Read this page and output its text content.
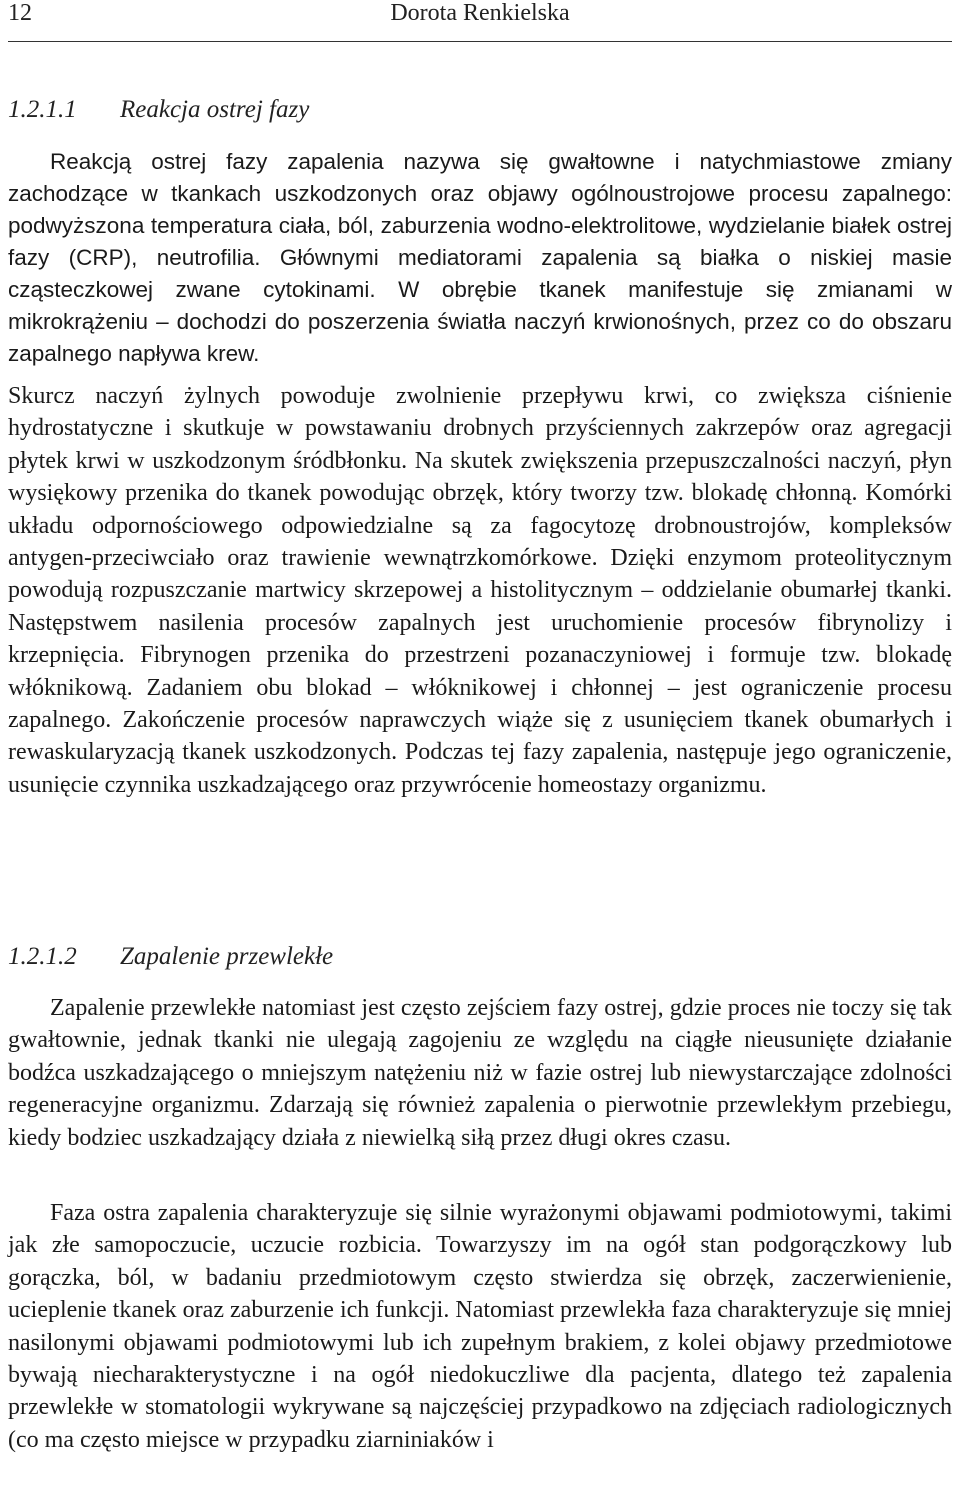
12	Dorota Renkielska
1.2.1.1 Reakcja ostrej fazy

Reakcją ostrej fazy zapalenia nazywa się gwałtowne i natychmiastowe zmiany zachodzące w tkankach uszkodzonych oraz objawy ogólnoustrojowe procesu zapalnego: podwyższona temperatura ciała, ból, zaburzenia wodno-elektrolitowe, wydzielanie białek ostrej fazy (CRP), neutrofilia. Głównymi mediatorami zapalenia są białka o niskiej masie cząsteczkowej zwane cytokinami. W obrębie tkanek manifestuje się zmianami w mikrokrążeniu – dochodzi do poszerzenia światła naczyń krwionośnych, przez co do obszaru zapalnego napływa krew.

Skurcz naczyń żylnych powoduje zwolnienie przepływu krwi, co zwiększa ciśnienie hydrostatyczne i skutkuje w powstawaniu drobnych przyściennych zakrzepów oraz agregacji płytek krwi w uszkodzonym śródbłonku. Na skutek zwiększenia przepuszczalności naczyń, płyn wysiękowy przenika do tkanek powodując obrzęk, który tworzy tzw. blokadę chłonną. Komórki układu odpornościowego odpowiedzialne są za fagocytozę drobnoustrojów, kompleksów antygen-przeciwciało oraz trawienie wewnątrzkomórkowe. Dzięki enzymom proteolitycznym powodują rozpuszczanie martwicy skrzepowej a histolitycznym – oddzielanie obumarłej tkanki. Następstwem nasilenia procesów zapalnych jest uruchomienie procesów fibrynolizy i krzepnięcia. Fibrynogen przenika do przestrzeni pozanaczyniowej i formuje tzw. blokadę włóknikową. Zadaniem obu blokad – włóknikowej i chłonnej – jest ograniczenie procesu zapalnego. Zakończenie procesów naprawczych wiąże się z usunięciem tkanek obumarłych i rewaskularyzacją tkanek uszkodzonych. Podczas tej fazy zapalenia, następuje jego ograniczenie, usunięcie czynnika uszkadzającego oraz przywrócenie homeostazy organizmu.

1.2.1.2 Zapalenie przewlekłe

Zapalenie przewlekłe natomiast jest często zejściem fazy ostrej, gdzie proces nie toczy się tak gwałtownie, jednak tkanki nie ulegają zagojeniu ze względu na ciągłe nieusunięte działanie bodźca uszkadzającego o mniejszym natężeniu niż w fazie ostrej lub niewystarczające zdolności regeneracyjne organizmu. Zdarzają się również zapalenia o pierwotnie przewlekłym przebiegu, kiedy bodziec uszkadzający działa z niewielką siłą przez długi okres czasu.

Faza ostra zapalenia charakteryzuje się silnie wyrażonymi objawami podmiotowymi, takimi jak złe samopoczucie, uczucie rozbicia. Towarzyszy im na ogół stan podgorączkowy lub gorączka, ból, w badaniu przedmiotowym często stwierdza się obrzęk, zaczerwienienie, ucieplenie tkanek oraz zaburzenie ich funkcji. Natomiast przewlekła faza charakteryzuje się mniej nasilonymi objawami podmiotowymi lub ich zupełnym brakiem, z kolei objawy przedmiotowe bywają niecharakterystyczne i na ogół niedokuczliwe dla pacjenta, dlatego też zapalenia przewlekłe w stomatologii wykrywane są najczęściej przypadkowo na zdjęciach radiologicznych (co ma często miejsce w przypadku ziarniniaków i
